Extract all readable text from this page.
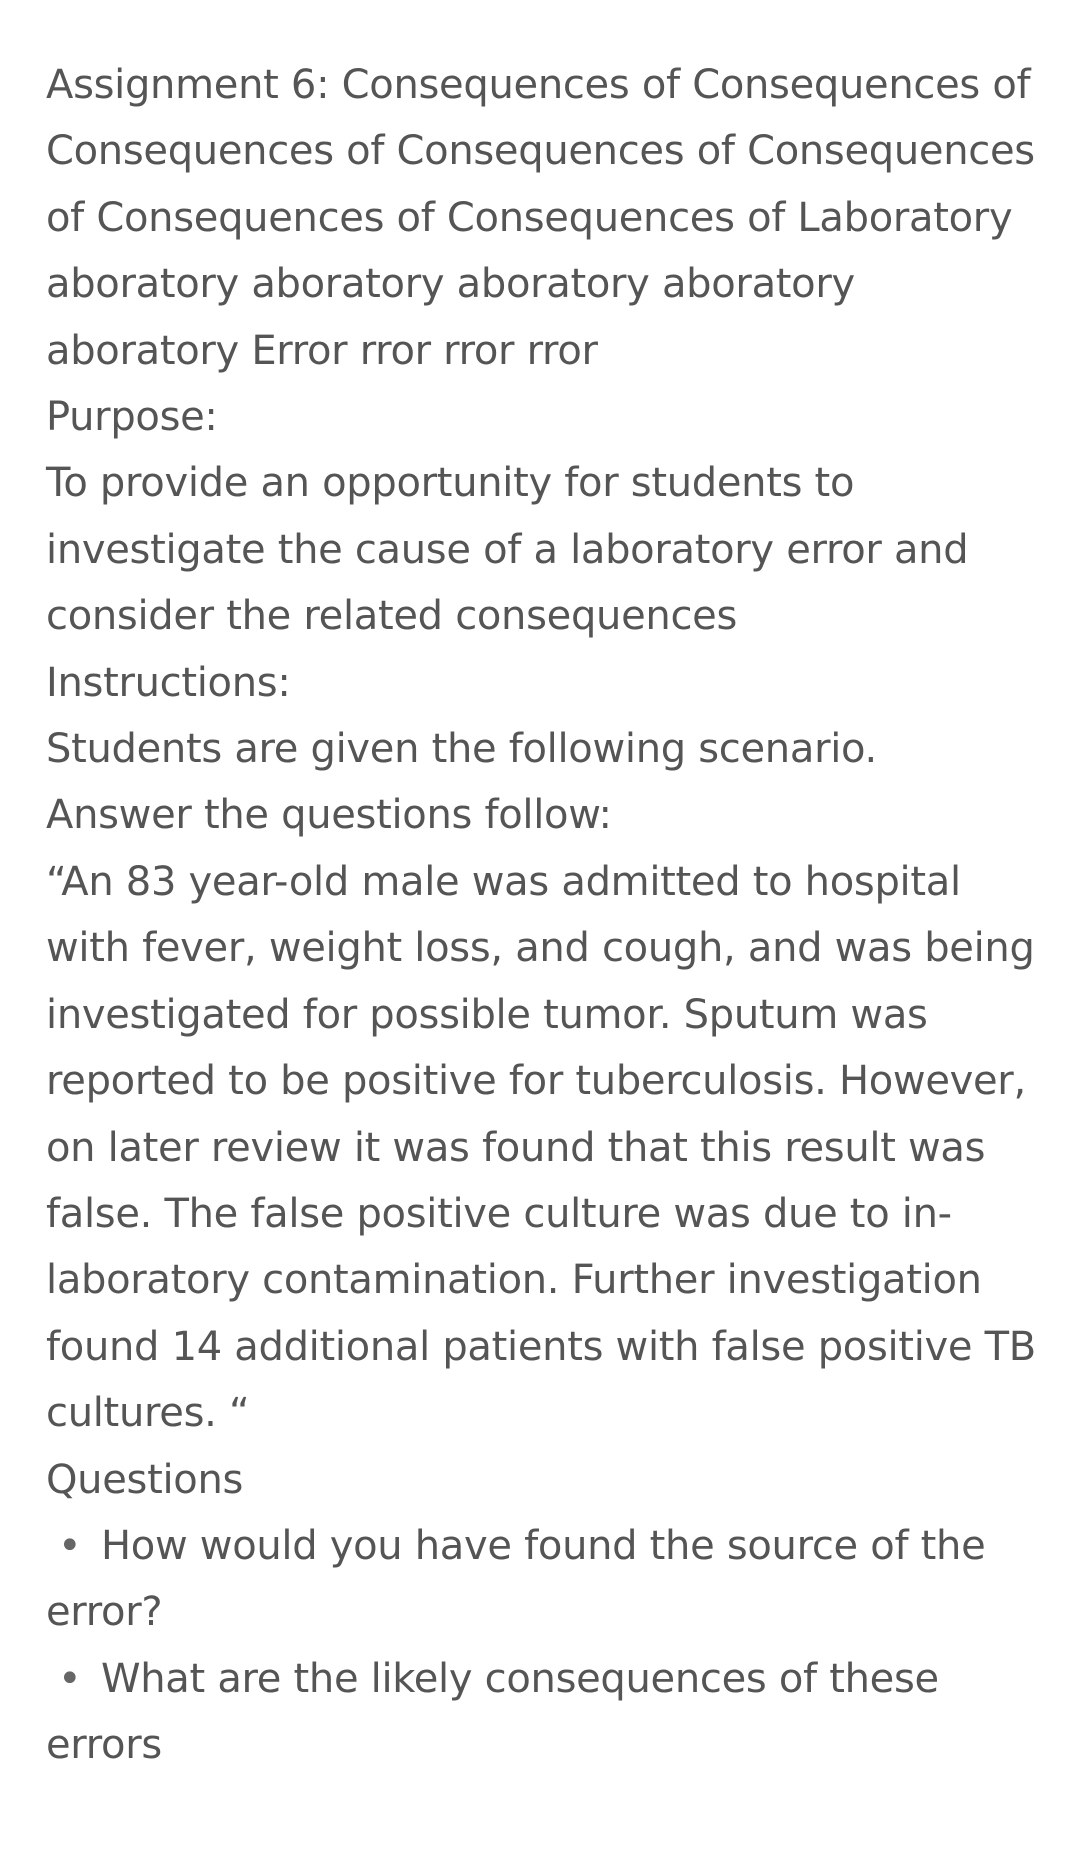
Assignment 6: Consequences of Consequences of Consequences of Consequences of Consequences of Consequences of Consequences of Laboratory aboratory aboratory aboratory aboratory aboratory Error rror rror rror

Purpose:

To provide an opportunity for students to investigate the cause of a laboratory error and consider the related consequences

Instructions:

Students are given the following scenario.

Answer the questions follow:

“An 83 year-old male was admitted to hospital with fever, weight loss, and cough, and was being investigated for possible tumor. Sputum was reported to be positive for tuberculosis. However, on later review it was found that this result was false. The false positive culture was due to in-laboratory contamination. Further investigation found 14 additional patients with false positive TB cultures. “

Questions

• How would you have found the source of the error?
• What are the likely consequences of these errors
